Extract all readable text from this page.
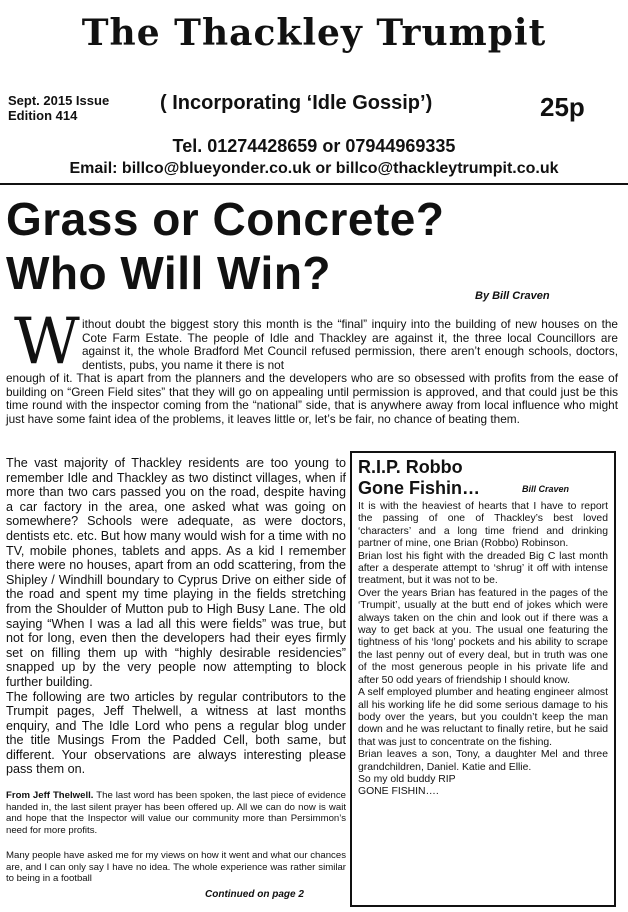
The Thackley Trumpit
Sept. 2015 Issue
Edition 414
( Incorporating ‘Idle Gossip’)	25p
Tel. 01274428659 or 07944969335
Email: billco@blueyonder.co.uk or billco@thackleytrumpit.co.uk
Grass or Concrete?
Who Will Win?	By Bill Craven
W ithout doubt the biggest story this month is the “final” inquiry into the building of new houses on the Cote Farm Estate. The people of Idle and Thackley are against it, the three local Councillors are against it, the whole Bradford Met Council refused permission, there aren’t enough schools, doctors, dentists, pubs, you name it there is not
enough of it. That is apart from the planners and the developers who are so obsessed with profits from the ease of building on “Green Field sites” that they will go on appealing until permission is approved, and that could just be this time round with the inspector coming from the “national” side, that is anywhere away from local influence who might just have some faint idea of the problems, it leaves little or, let’s be fair, no chance of beating them.

The vast majority of Thackley residents are too young to remember Idle and Thackley as two distinct villages, when if more than two cars passed you on the road, despite having a car factory in the area, one asked what was going on somewhere? Schools were adequate, as were doctors, dentists etc. etc. But how many would wish for a time with no TV, mobile phones, tablets and apps. As a kid I remember there were no houses, apart from an odd scattering, from the Shipley / Windhill boundary to Cyprus Drive on either side of the road and spent my time playing in the fields stretching from the Shoulder of Mutton pub to High Busy Lane. The old saying “When I was a lad all this were fields” was true, but not for long, even then the developers had their eyes firmly set on filling them up with “highly desirable residencies” snapped up by the very people now attempting to block further building.

The following are two articles by regular contributors to the Trumpit pages, Jeff Thelwell, a witness at last months enquiry, and The Idle Lord who pens a regular blog under the title Musings From the Padded Cell, both same, but different. Your observations are always interesting please pass them on.

From Jeff Thelwell. The last word has been spoken, the last piece of evidence handed in, the last silent prayer has been offered up. All we can do now is wait and hope that the Inspector will value our community more than Persimmon’s need for more profits.
Many people have asked me for my views on how it went and what our chances are, and I can only say I have no idea. The whole experience was rather similar to being in a football
Continued on page 2
R.I.P. Robbo
Gone Fishin…	Bill Craven

It is with the heaviest of hearts that I have to report the passing of one of Thackley’s best loved ‘characters’ and a long time friend and drinking partner of mine, one Brian (Robbo) Robinson.

Brian lost his fight with the dreaded Big C last month after a desperate attempt to ‘shrug’ it off with intense treatment, but it was not to be.

Over the years Brian has featured in the pages of the ‘Trumpit’, usually at the butt end of jokes which were always taken on the chin and look out if there was a way to get back at you. The usual one featuring the tightness of his ‘long’ pockets and his ability to scrape the last penny out of every deal, but in truth was one of the most generous people in his private life and after 50 odd years of friendship I should know.

A self employed plumber and heating engineer almost all his working life he did some serious damage to his body over the years, but you couldn’t keep the man down and he was reluctant to finally retire, but he said that was just to concentrate on the fishing.

Brian leaves a son, Tony, a daughter Mel and three grandchildren, Daniel. Katie and Ellie.

So my old buddy RIP

GONE FISHIN….
